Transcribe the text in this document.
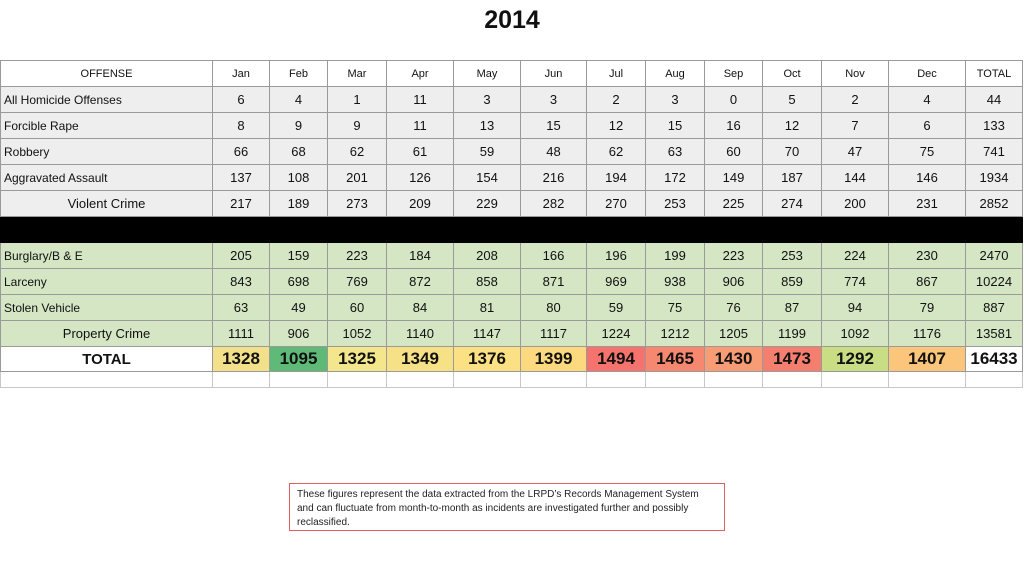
2014
OFFENSE	Jan	Feb	Mar	Apr	May	Jun	Jul	Aug	Sep	Oct	Nov	Dec	TOTAL
All Homicide Offenses	6	4	1	11	3	3	2	3	0	5	2	4	44
Forcible Rape	8	9	9	11	13	15	12	15	16	12	7	6	133
Robbery	66	68	62	61	59	48	62	63	60	70	47	75	741
Aggravated Assault	137	108	201	126	154	216	194	172	149	187	144	146	1934
Violent Crime	217	189	273	209	229	282	270	253	225	274	200	231	2852

Burglary/B & E	205	159	223	184	208	166	196	199	223	253	224	230	2470
Larceny	843	698	769	872	858	871	969	938	906	859	774	867	10224
Stolen Vehicle	63	49	60	84	81	80	59	75	76	87	94	79	887
Property Crime	1111	906	1052	1140	1147	1117	1224	1212	1205	1199	1092	1176	13581
TOTAL	1328	1095	1325	1349	1376	1399	1494	1465	1430	1473	1292	1407	16433

These figures represent the data extracted from the LRPD’s Records Management System and can fluctuate from month-to-month as incidents are investigated further and possibly reclassified.
